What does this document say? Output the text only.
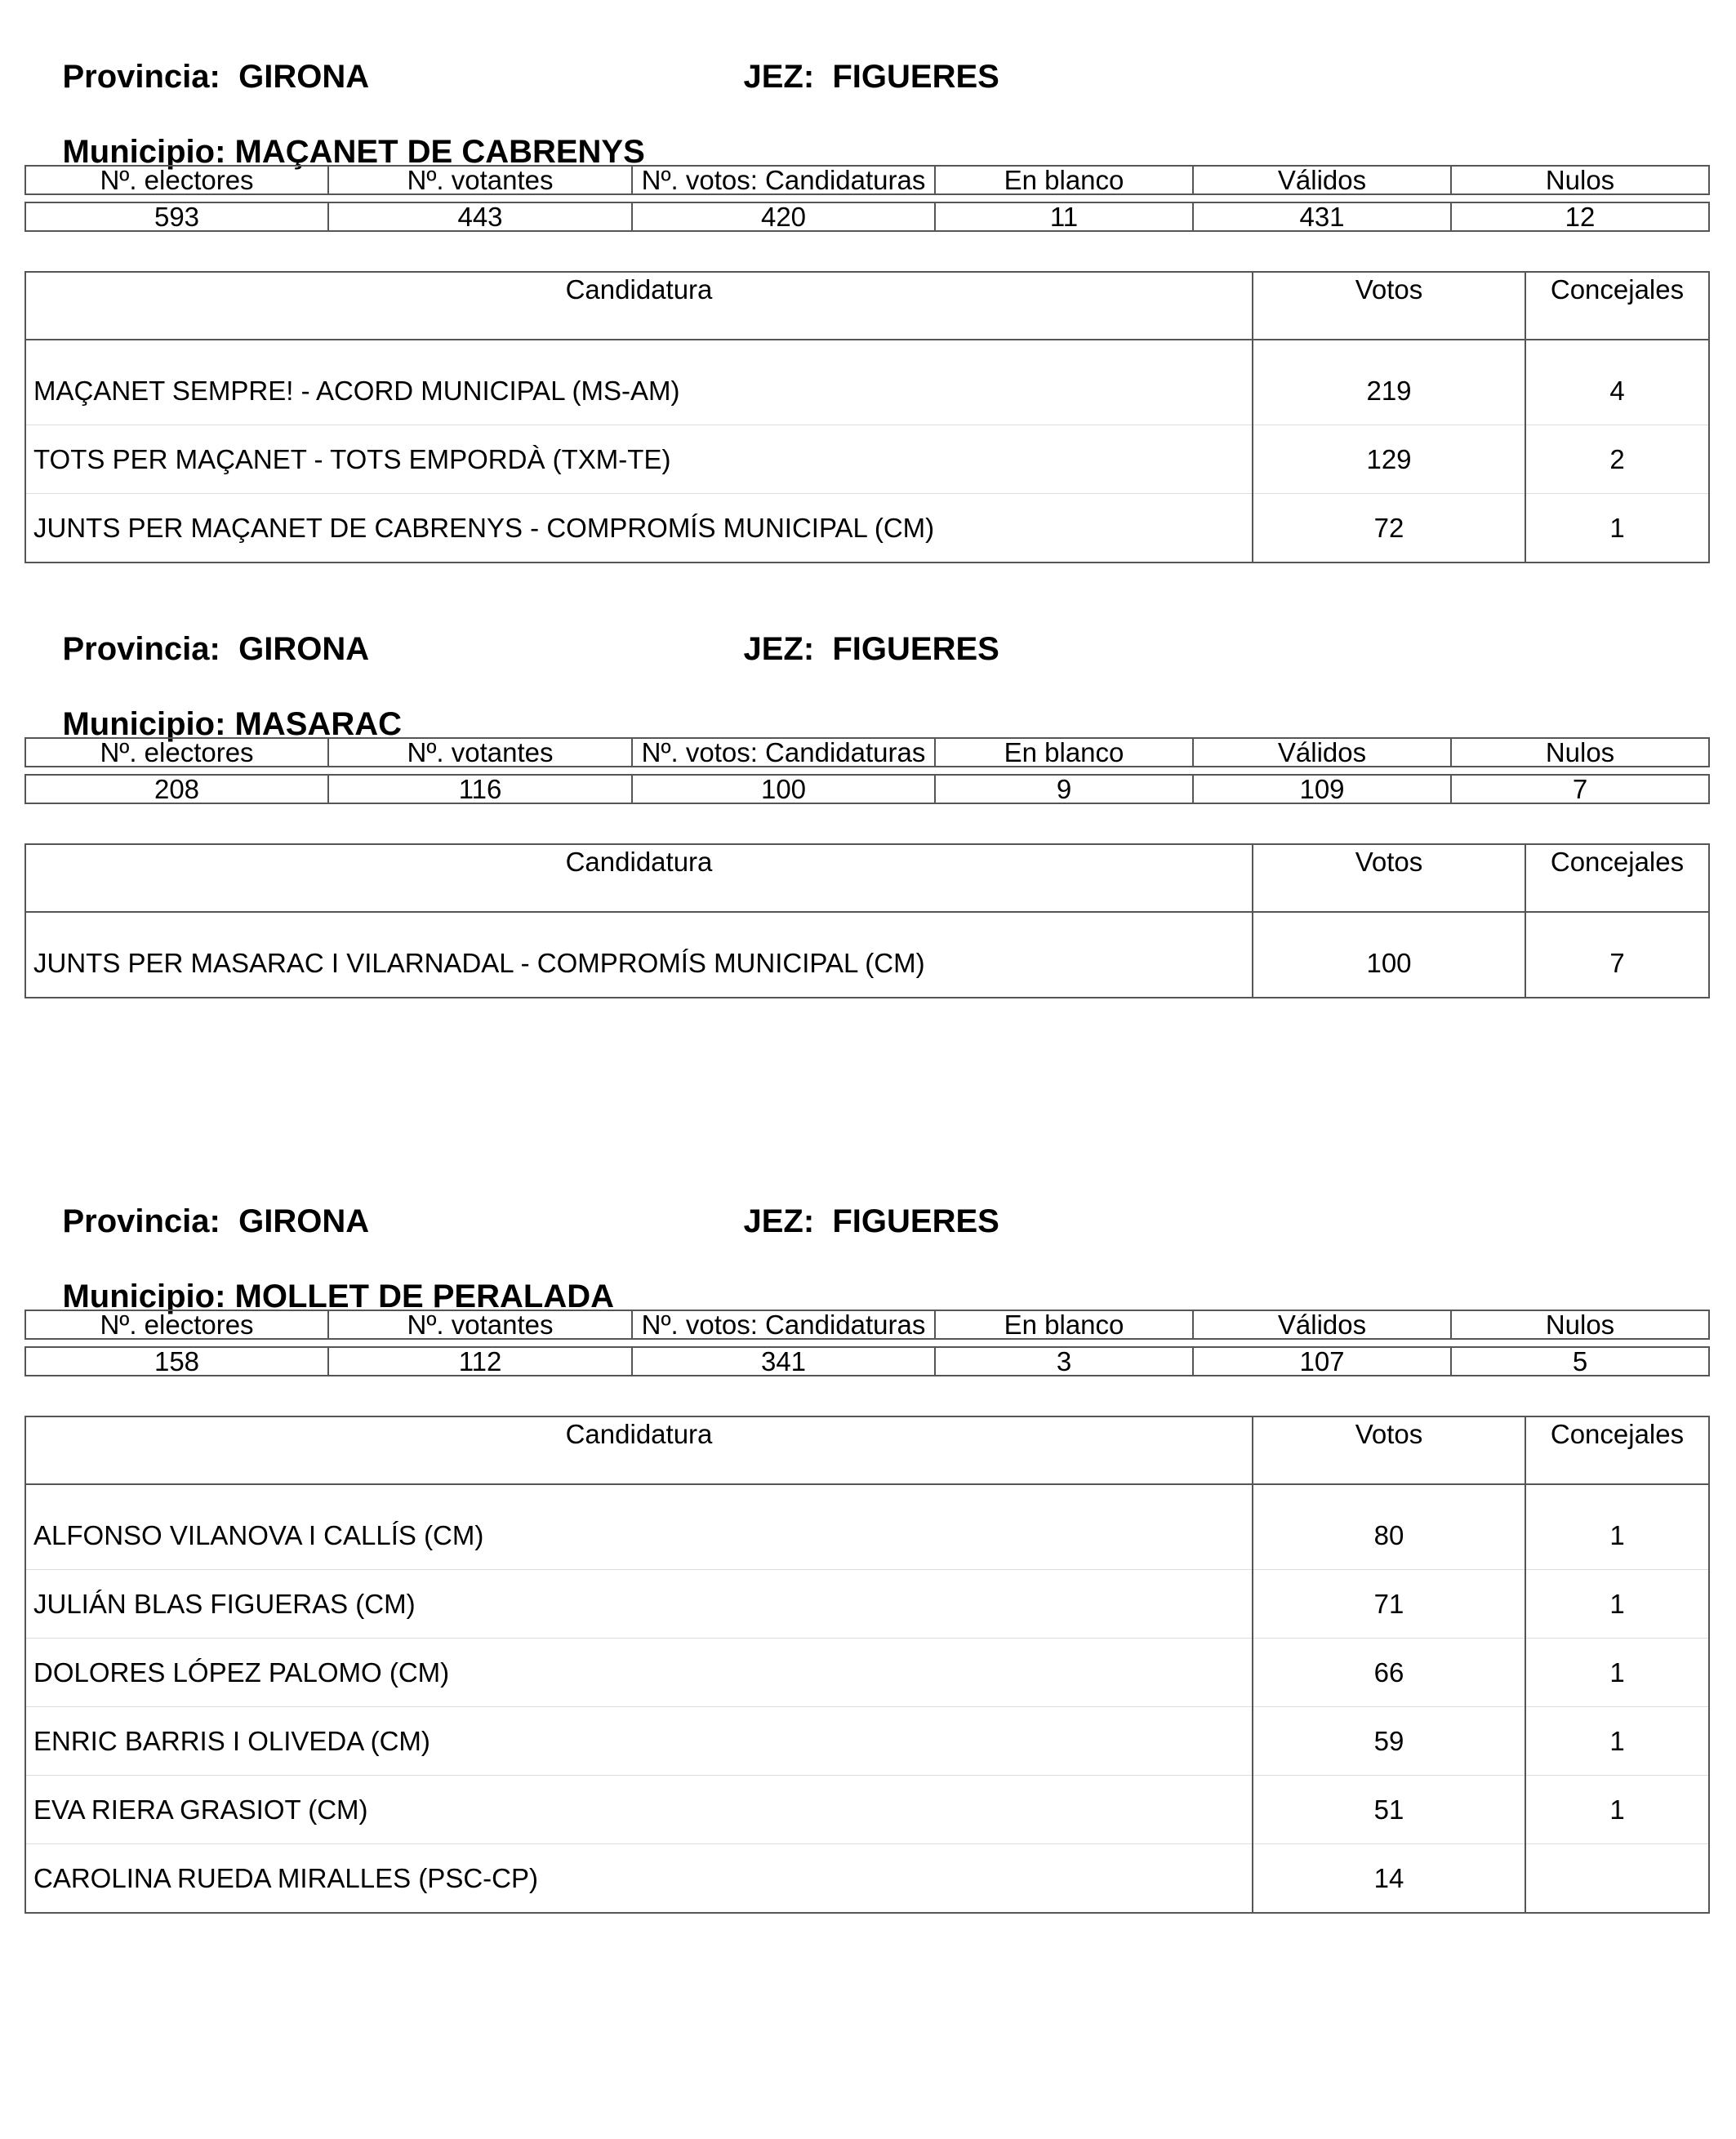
Provincia: GIRONA
	JEZ: FIGUERES

Municipio: MAÇANET DE CABRENYS

Nº. electores	Nº. votantes	Nº. votos: Candidaturas	En blanco	Válidos	Nulos

593	443	420	11	431	12
Candidatura	Votos	Concejales
MAÇANET SEMPRE! - ACORD MUNICIPAL (MS-AM)	219	4
TOTS PER MAÇANET - TOTS EMPORDÀ (TXM-TE)	129	2
JUNTS PER MAÇANET DE CABRENYS - COMPROMÍS MUNICIPAL (CM)	72	1

Provincia: GIRONA
	JEZ: FIGUERES

Municipio: MASARAC

Nº. electores	Nº. votantes	Nº. votos: Candidaturas	En blanco	Válidos	Nulos

208	116	100	9	109	7
Candidatura	Votos	Concejales
JUNTS PER MASARAC I VILARNADAL - COMPROMÍS MUNICIPAL (CM)	100	7

Provincia: GIRONA
	JEZ: FIGUERES

Municipio: MOLLET DE PERALADA

Nº. electores	Nº. votantes	Nº. votos: Candidaturas	En blanco	Válidos	Nulos

158	112	341	3	107	5
Candidatura	Votos	Concejales
ALFONSO VILANOVA I CALLÍS (CM)	80	1
JULIÁN BLAS FIGUERAS (CM)	71	1
DOLORES LÓPEZ PALOMO (CM)	66	1
ENRIC BARRIS I OLIVEDA (CM)	59	1
EVA RIERA GRASIOT (CM)	51	1
CAROLINA RUEDA MIRALLES (PSC-CP)	14	
